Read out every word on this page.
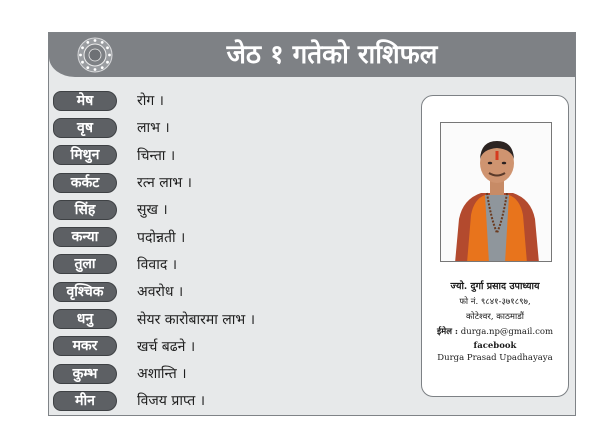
जेठ १ गतेको राशिफल
मेष	रोग ।
वृष	लाभ ।
मिथुन	चिन्ता ।
कर्कट	रत्न लाभ ।
सिंह	सुख ।
कन्या	पदोन्नती ।
तुला	विवाद ।
वृश्चिक	अवरोध ।
धनु	सेयर कारोबारमा लाभ ।
मकर	खर्च बढने ।
कुम्भ	अशान्ति ।
मीन	विजय प्राप्त ।
ज्यो. दुर्गा प्रसाद उपाध्याय
फो नं. ९८४१-३७१८९७,
कोटेश्वर, काठमाडौं
ईमेल : durga.np@gmail.com
facebook
Durga Prasad Upadhayaya
